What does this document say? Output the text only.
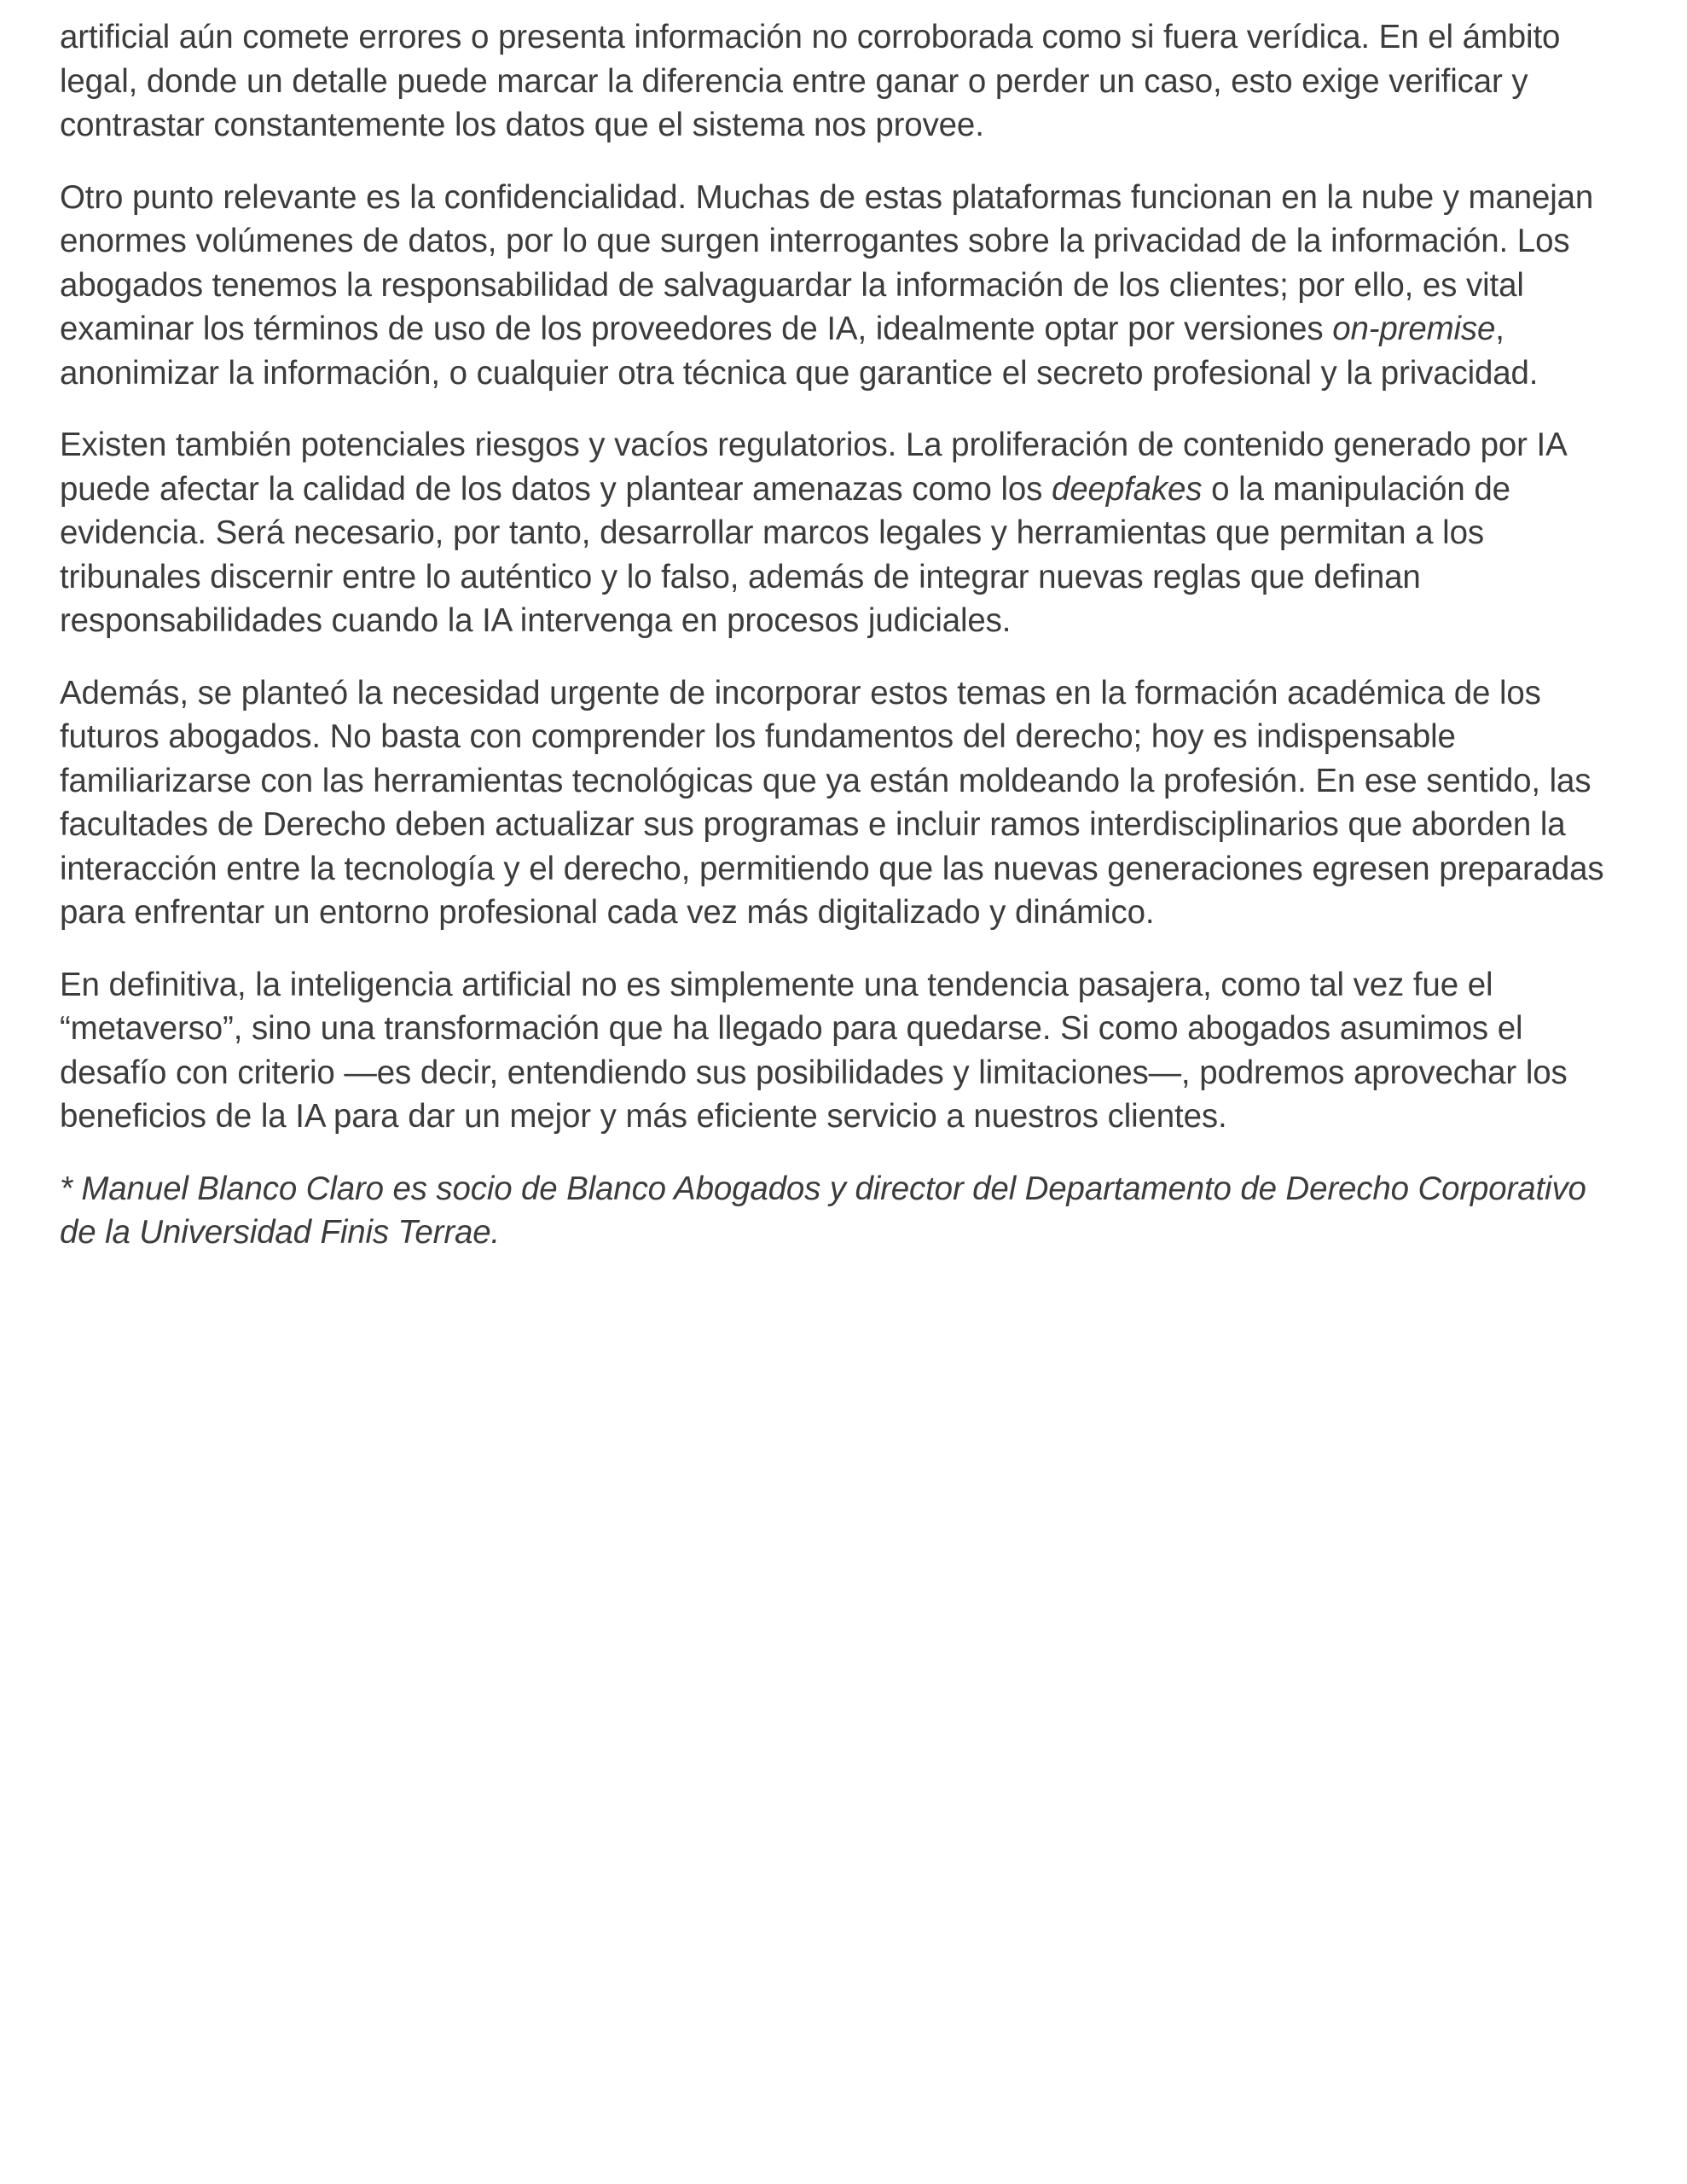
artificial aún comete errores o presenta información no corroborada como si fuera verídica. En el ámbito legal, donde un detalle puede marcar la diferencia entre ganar o perder un caso, esto exige verificar y contrastar constantemente los datos que el sistema nos provee.

Otro punto relevante es la confidencialidad. Muchas de estas plataformas funcionan en la nube y manejan enormes volúmenes de datos, por lo que surgen interrogantes sobre la privacidad de la información. Los abogados tenemos la responsabilidad de salvaguardar la información de los clientes; por ello, es vital examinar los términos de uso de los proveedores de IA, idealmente optar por versiones on-premise, anonimizar la información, o cualquier otra técnica que garantice el secreto profesional y la privacidad.

Existen también potenciales riesgos y vacíos regulatorios. La proliferación de contenido generado por IA puede afectar la calidad de los datos y plantear amenazas como los deepfakes o la manipulación de evidencia. Será necesario, por tanto, desarrollar marcos legales y herramientas que permitan a los tribunales discernir entre lo auténtico y lo falso, además de integrar nuevas reglas que definan responsabilidades cuando la IA intervenga en procesos judiciales.

Además, se planteó la necesidad urgente de incorporar estos temas en la formación académica de los futuros abogados. No basta con comprender los fundamentos del derecho; hoy es indispensable familiarizarse con las herramientas tecnológicas que ya están moldeando la profesión. En ese sentido, las facultades de Derecho deben actualizar sus programas e incluir ramos interdisciplinarios que aborden la interacción entre la tecnología y el derecho, permitiendo que las nuevas generaciones egresen preparadas para enfrentar un entorno profesional cada vez más digitalizado y dinámico.

En definitiva, la inteligencia artificial no es simplemente una tendencia pasajera, como tal vez fue el “metaverso”, sino una transformación que ha llegado para quedarse. Si como abogados asumimos el desafío con criterio —es decir, entendiendo sus posibilidades y limitaciones—, podremos aprovechar los beneficios de la IA para dar un mejor y más eficiente servicio a nuestros clientes.

* Manuel Blanco Claro es socio de Blanco Abogados y director del Departamento de Derecho Corporativo de la Universidad Finis Terrae.
